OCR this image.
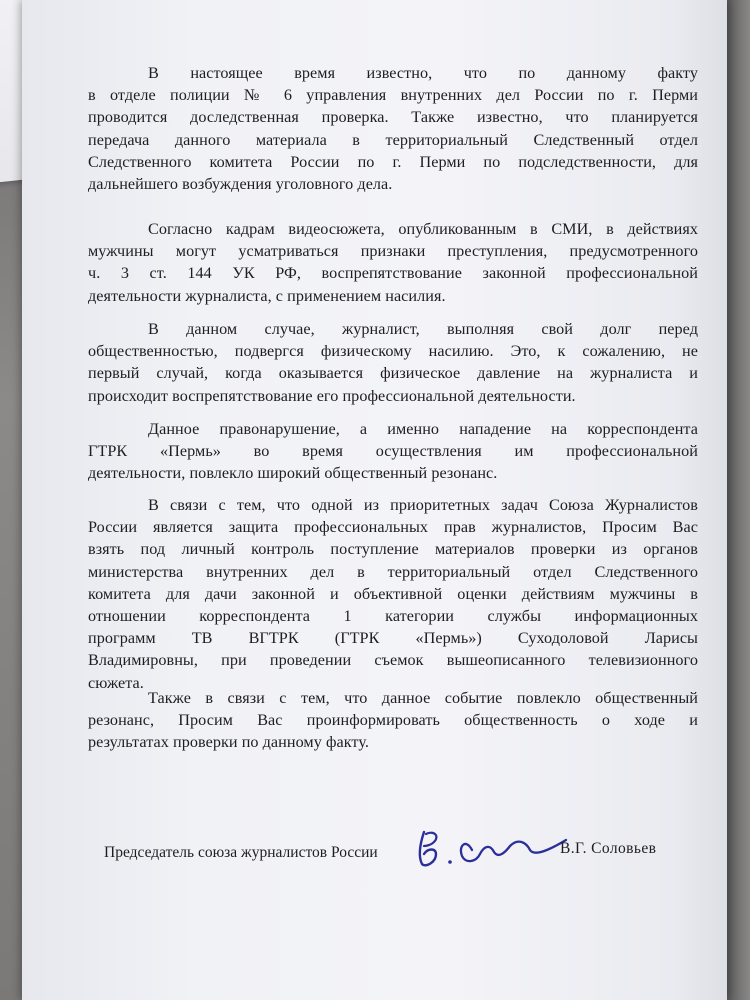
В настоящее время известно, что по данному факту
в отделе полиции № 6 управления внутренних дел России по г. Перми
проводится доследственная проверка. Также известно, что планируется
передача данного материала в территориальный Следственный отдел
Следственного комитета России по г. Перми по подследственности, для
дальнейшего возбуждения уголовного дела.
Согласно кадрам видеосюжета, опубликованным в СМИ, в действиях
мужчины могут усматриваться признаки преступления, предусмотренного
ч. 3 ст. 144 УК РФ, воспрепятствование законной профессиональной
деятельности журналиста, с применением насилия.
В данном случае, журналист, выполняя свой долг перед
общественностью, подвергся физическому насилию. Это, к сожалению, не
первый случай, когда оказывается физическое давление на журналиста и
происходит воспрепятствование его профессиональной деятельности.
Данное правонарушение, а именно нападение на корреспондента
ГТРК «Пермь» во время осуществления им профессиональной
деятельности, повлекло широкий общественный резонанс.
В связи с тем, что одной из приоритетных задач Союза Журналистов
России является защита профессиональных прав журналистов, Просим Вас
взять под личный контроль поступление материалов проверки из органов
министерства внутренних дел в территориальный отдел Следственного
комитета для дачи законной и объективной оценки действиям мужчины в
отношении корреспондента 1 категории службы информационных
программ ТВ ВГТРК (ГТРК «Пермь») Суходоловой Ларисы
Владимировны, при проведении съемок вышеописанного телевизионного
сюжета.
Также в связи с тем, что данное событие повлекло общественный
резонанс, Просим Вас проинформировать общественность о ходе и
результатах проверки по данному факту.
Председатель союза журналистов России	В.Г. Соловьев
